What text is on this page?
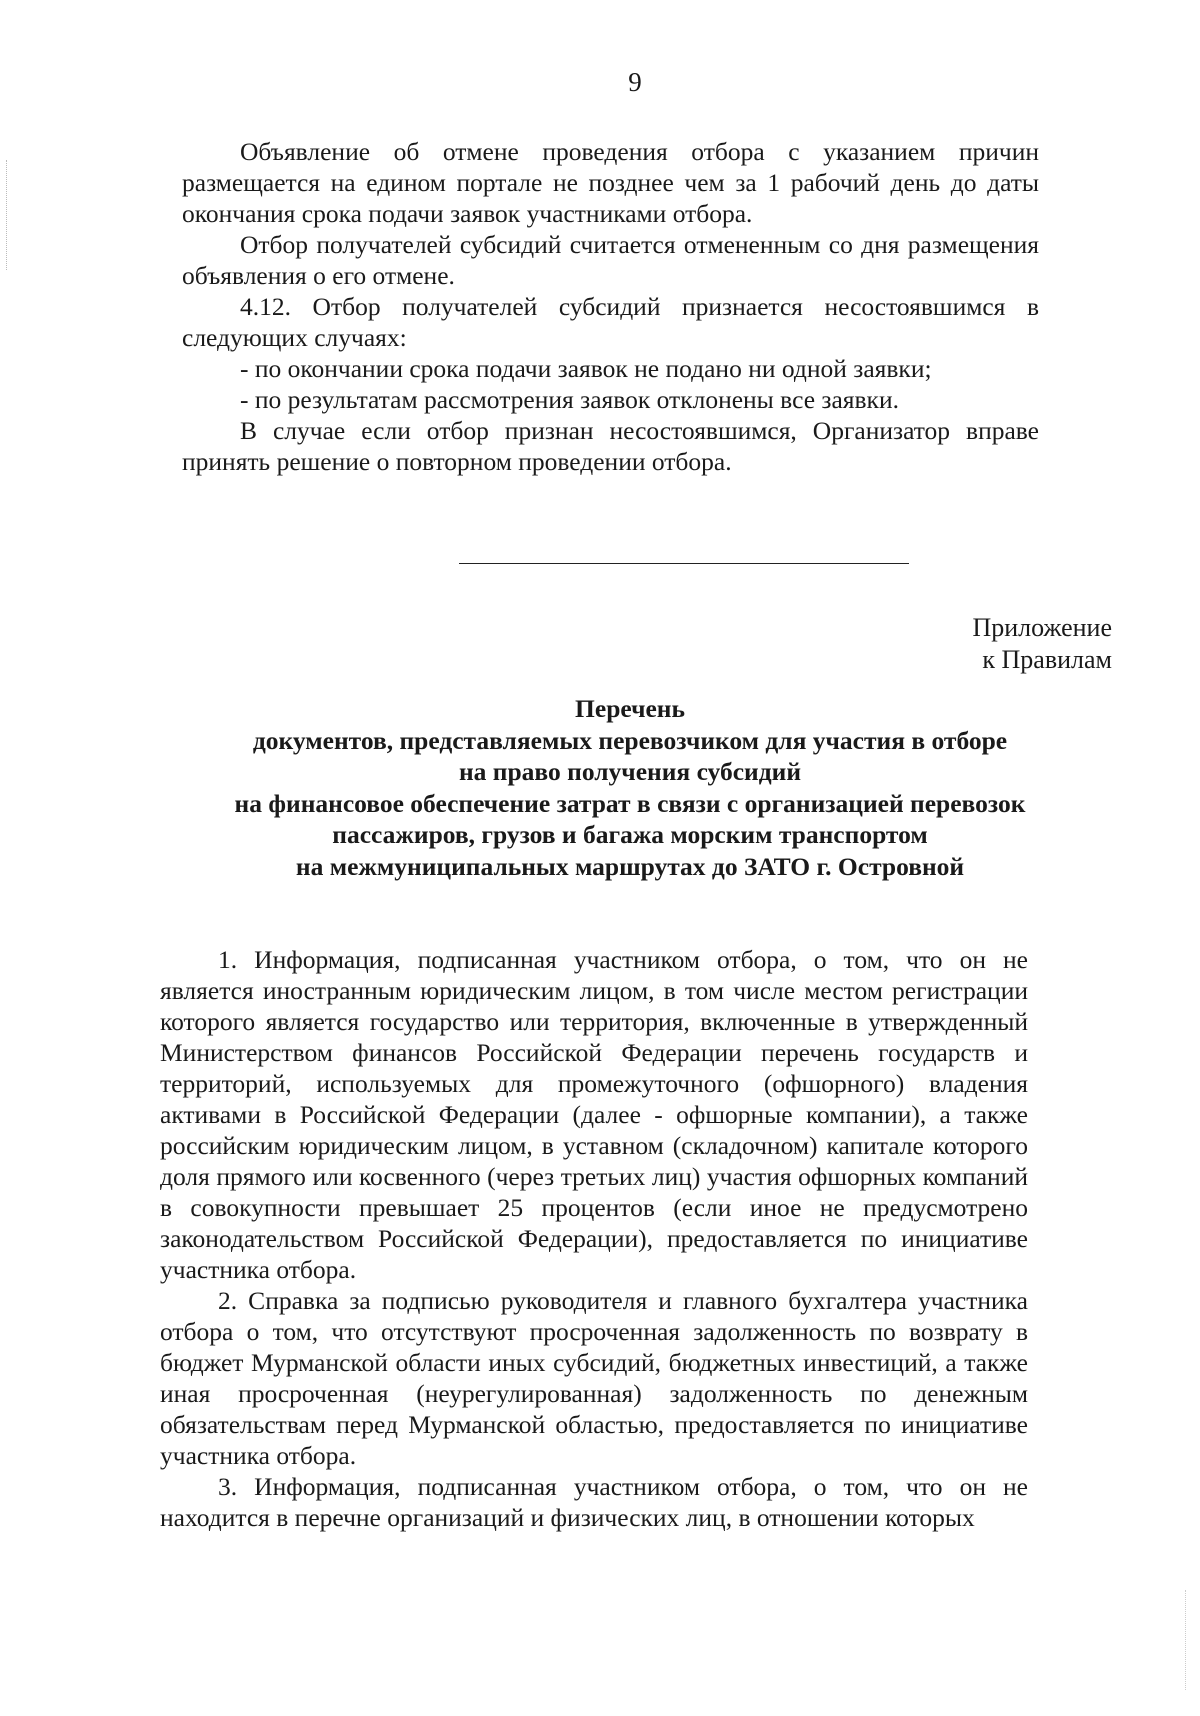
9

Объявление об отмене проведения отбора с указанием причин размещается на едином портале не позднее чем за 1 рабочий день до даты окончания срока подачи заявок участниками отбора.

Отбор получателей субсидий считается отмененным со дня размещения объявления о его отмене.

4.12. Отбор получателей субсидий признается несостоявшимся в следующих случаях:

- по окончании срока подачи заявок не подано ни одной заявки;

- по результатам рассмотрения заявок отклонены все заявки.

В случае если отбор признан несостоявшимся, Организатор вправе принять решение о повторном проведении отбора.

Приложение
к Правилам
Перечень
документов, представляемых перевозчиком для участия в отборе
на право получения субсидий
на финансовое обеспечение затрат в связи с организацией перевозок
пассажиров, грузов и багажа морским транспортом
на межмуниципальных маршрутах до ЗАТО г. Островной

1. Информация, подписанная участником отбора, о том, что он не является иностранным юридическим лицом, в том числе местом регистрации которого является государство или территория, включенные в утвержденный Министерством финансов Российской Федерации перечень государств и территорий, используемых для промежуточного (офшорного) владения активами в Российской Федерации (далее - офшорные компании), а также российским юридическим лицом, в уставном (складочном) капитале которого доля прямого или косвенного (через третьих лиц) участия офшорных компаний в совокупности превышает 25 процентов (если иное не предусмотрено законодательством Российской Федерации), предоставляется по инициативе участника отбора.

2. Справка за подписью руководителя и главного бухгалтера участника отбора о том, что отсутствуют просроченная задолженность по возврату в бюджет Мурманской области иных субсидий, бюджетных инвестиций, а также иная просроченная (неурегулированная) задолженность по денежным обязательствам перед Мурманской областью, предоставляется по инициативе участника отбора.

3. Информация, подписанная участником отбора, о том, что он не находится в перечне организаций и физических лиц, в отношении которых
